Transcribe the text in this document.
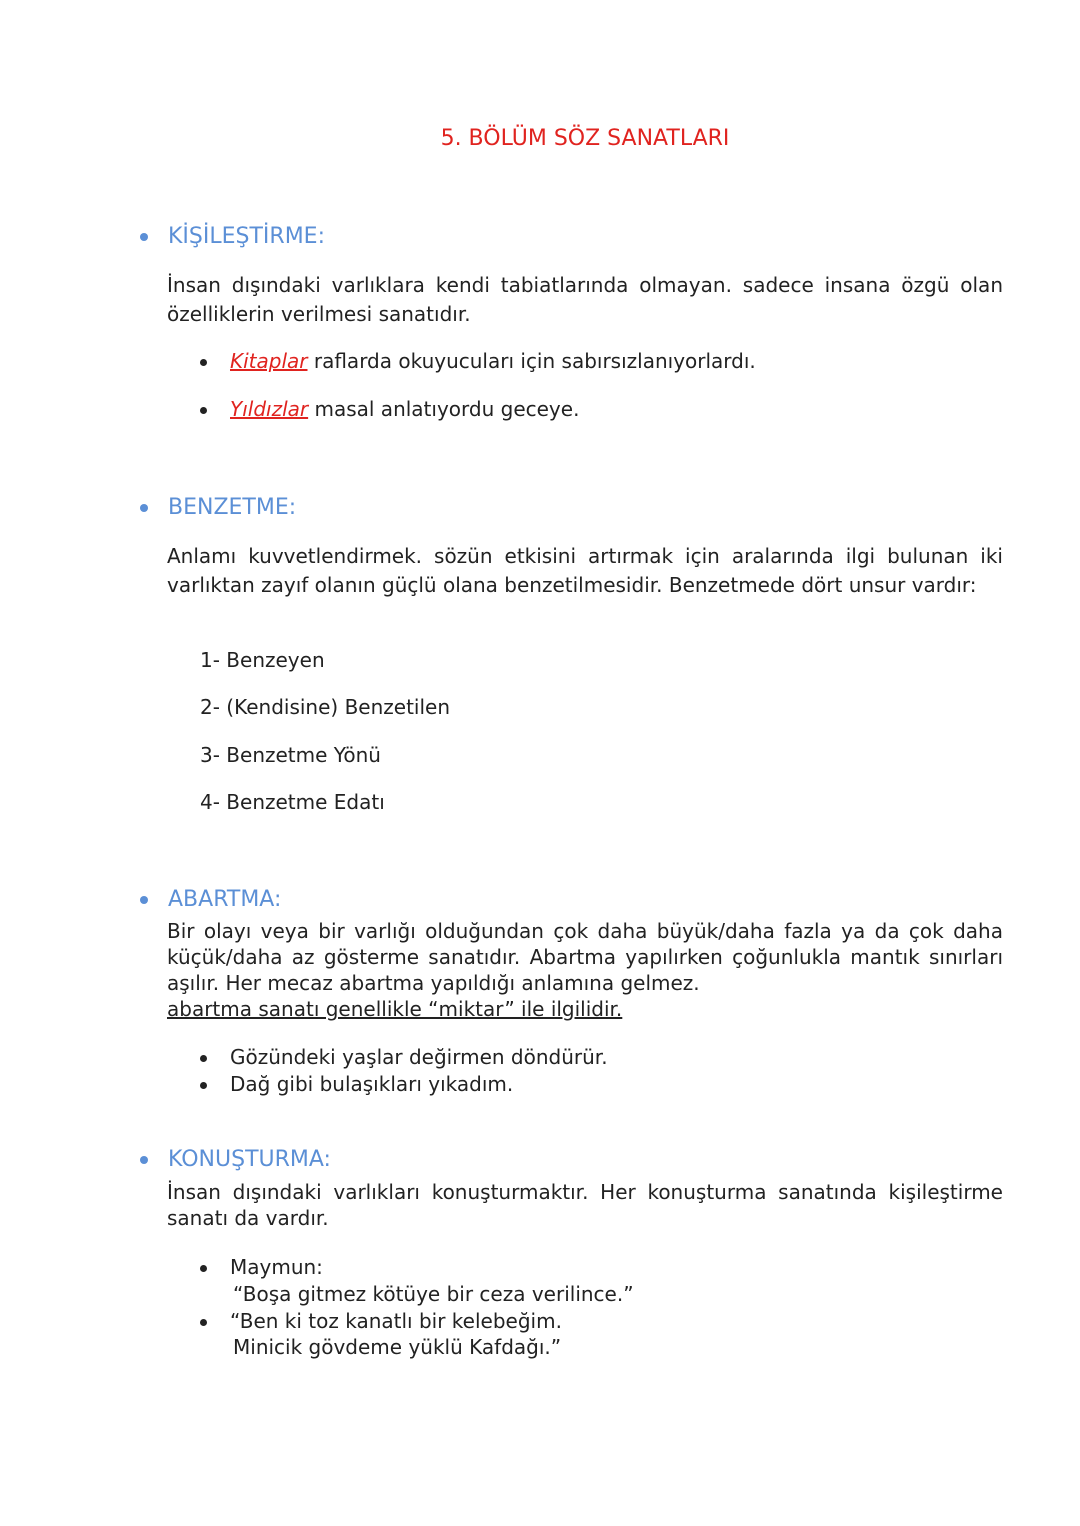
5. BÖLÜM SÖZ SANATLARI
KİŞİLEŞTİRME:
İnsan dışındaki varlıklara kendi tabiatlarında olmayan. sadece insana özgü olan özelliklerin verilmesi sanatıdır.
Kitaplar raflarda okuyucuları için sabırsızlanıyorlardı.
Yıldızlar masal anlatıyordu geceye.
BENZETME:
Anlamı kuvvetlendirmek. sözün etkisini artırmak için aralarında ilgi bulunan iki varlıktan zayıf olanın güçlü olana benzetilmesidir. Benzetmede dört unsur vardır:
1- Benzeyen
2- (Kendisine) Benzetilen
3- Benzetme Yönü
4- Benzetme Edatı
ABARTMA:
Bir olayı veya bir varlığı olduğundan çok daha büyük/daha fazla ya da çok daha küçük/daha az gösterme sanatıdır. Abartma yapılırken çoğunlukla mantık sınırları aşılır. Her mecaz abartma yapıldığı anlamına gelmez.
abartma sanatı genellikle “miktar” ile ilgilidir.
Gözündeki yaşlar değirmen döndürür.
Dağ gibi bulaşıkları yıkadım.
KONUŞTURMA:
İnsan dışındaki varlıkları konuşturmaktır. Her konuşturma sanatında kişileştirme sanatı da vardır.
Maymun:
“Boşa gitmez kötüye bir ceza verilince.”
“Ben ki toz kanatlı bir kelebeğim.
Minicik gövdeme yüklü Kafdağı.”
